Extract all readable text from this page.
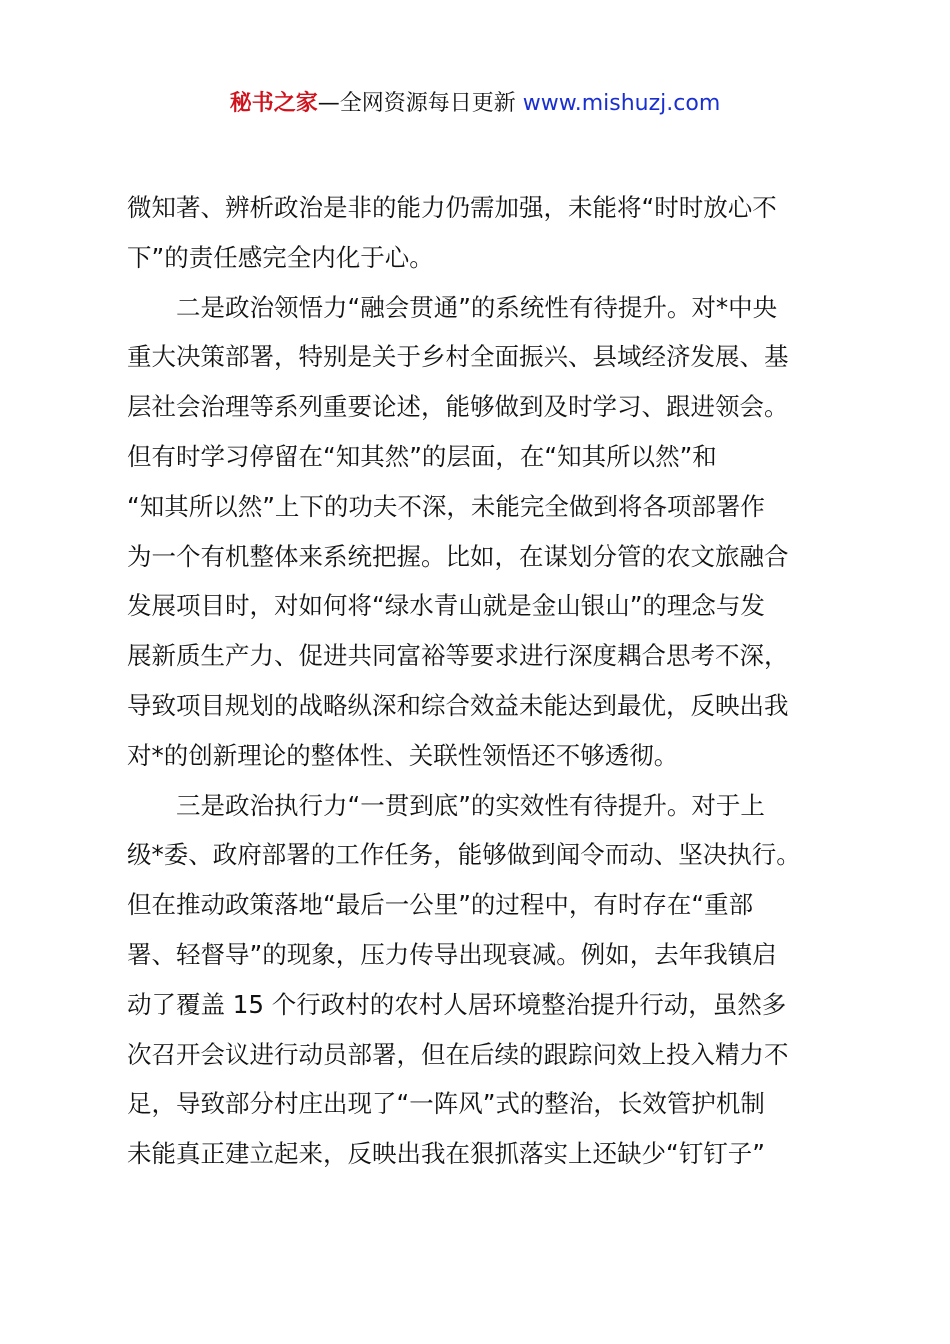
秘书之家—全网资源每日更新 www.mishuzj.com
微知著、辨析政治是非的能力仍需加强，未能将“时时放心不
下”的责任感完全内化于心。
二是政治领悟力“融会贯通”的系统性有待提升。对*中央
重大决策部署，特别是关于乡村全面振兴、县域经济发展、基
层社会治理等系列重要论述，能够做到及时学习、跟进领会。
但有时学习停留在“知其然”的层面，在“知其所以然”和
“知其所以然”上下的功夫不深，未能完全做到将各项部署作
为一个有机整体来系统把握。比如，在谋划分管的农文旅融合
发展项目时，对如何将“绿水青山就是金山银山”的理念与发
展新质生产力、促进共同富裕等要求进行深度耦合思考不深，
导致项目规划的战略纵深和综合效益未能达到最优，反映出我
对*的创新理论的整体性、关联性领悟还不够透彻。
三是政治执行力“一贯到底”的实效性有待提升。对于上
级*委、政府部署的工作任务，能够做到闻令而动、坚决执行。
但在推动政策落地“最后一公里”的过程中，有时存在“重部
署、轻督导”的现象，压力传导出现衰减。例如，去年我镇启
动了覆盖 15 个行政村的农村人居环境整治提升行动，虽然多
次召开会议进行动员部署，但在后续的跟踪问效上投入精力不
足，导致部分村庄出现了“一阵风”式的整治，长效管护机制
未能真正建立起来，反映出我在狠抓落实上还缺少“钉钉子”
